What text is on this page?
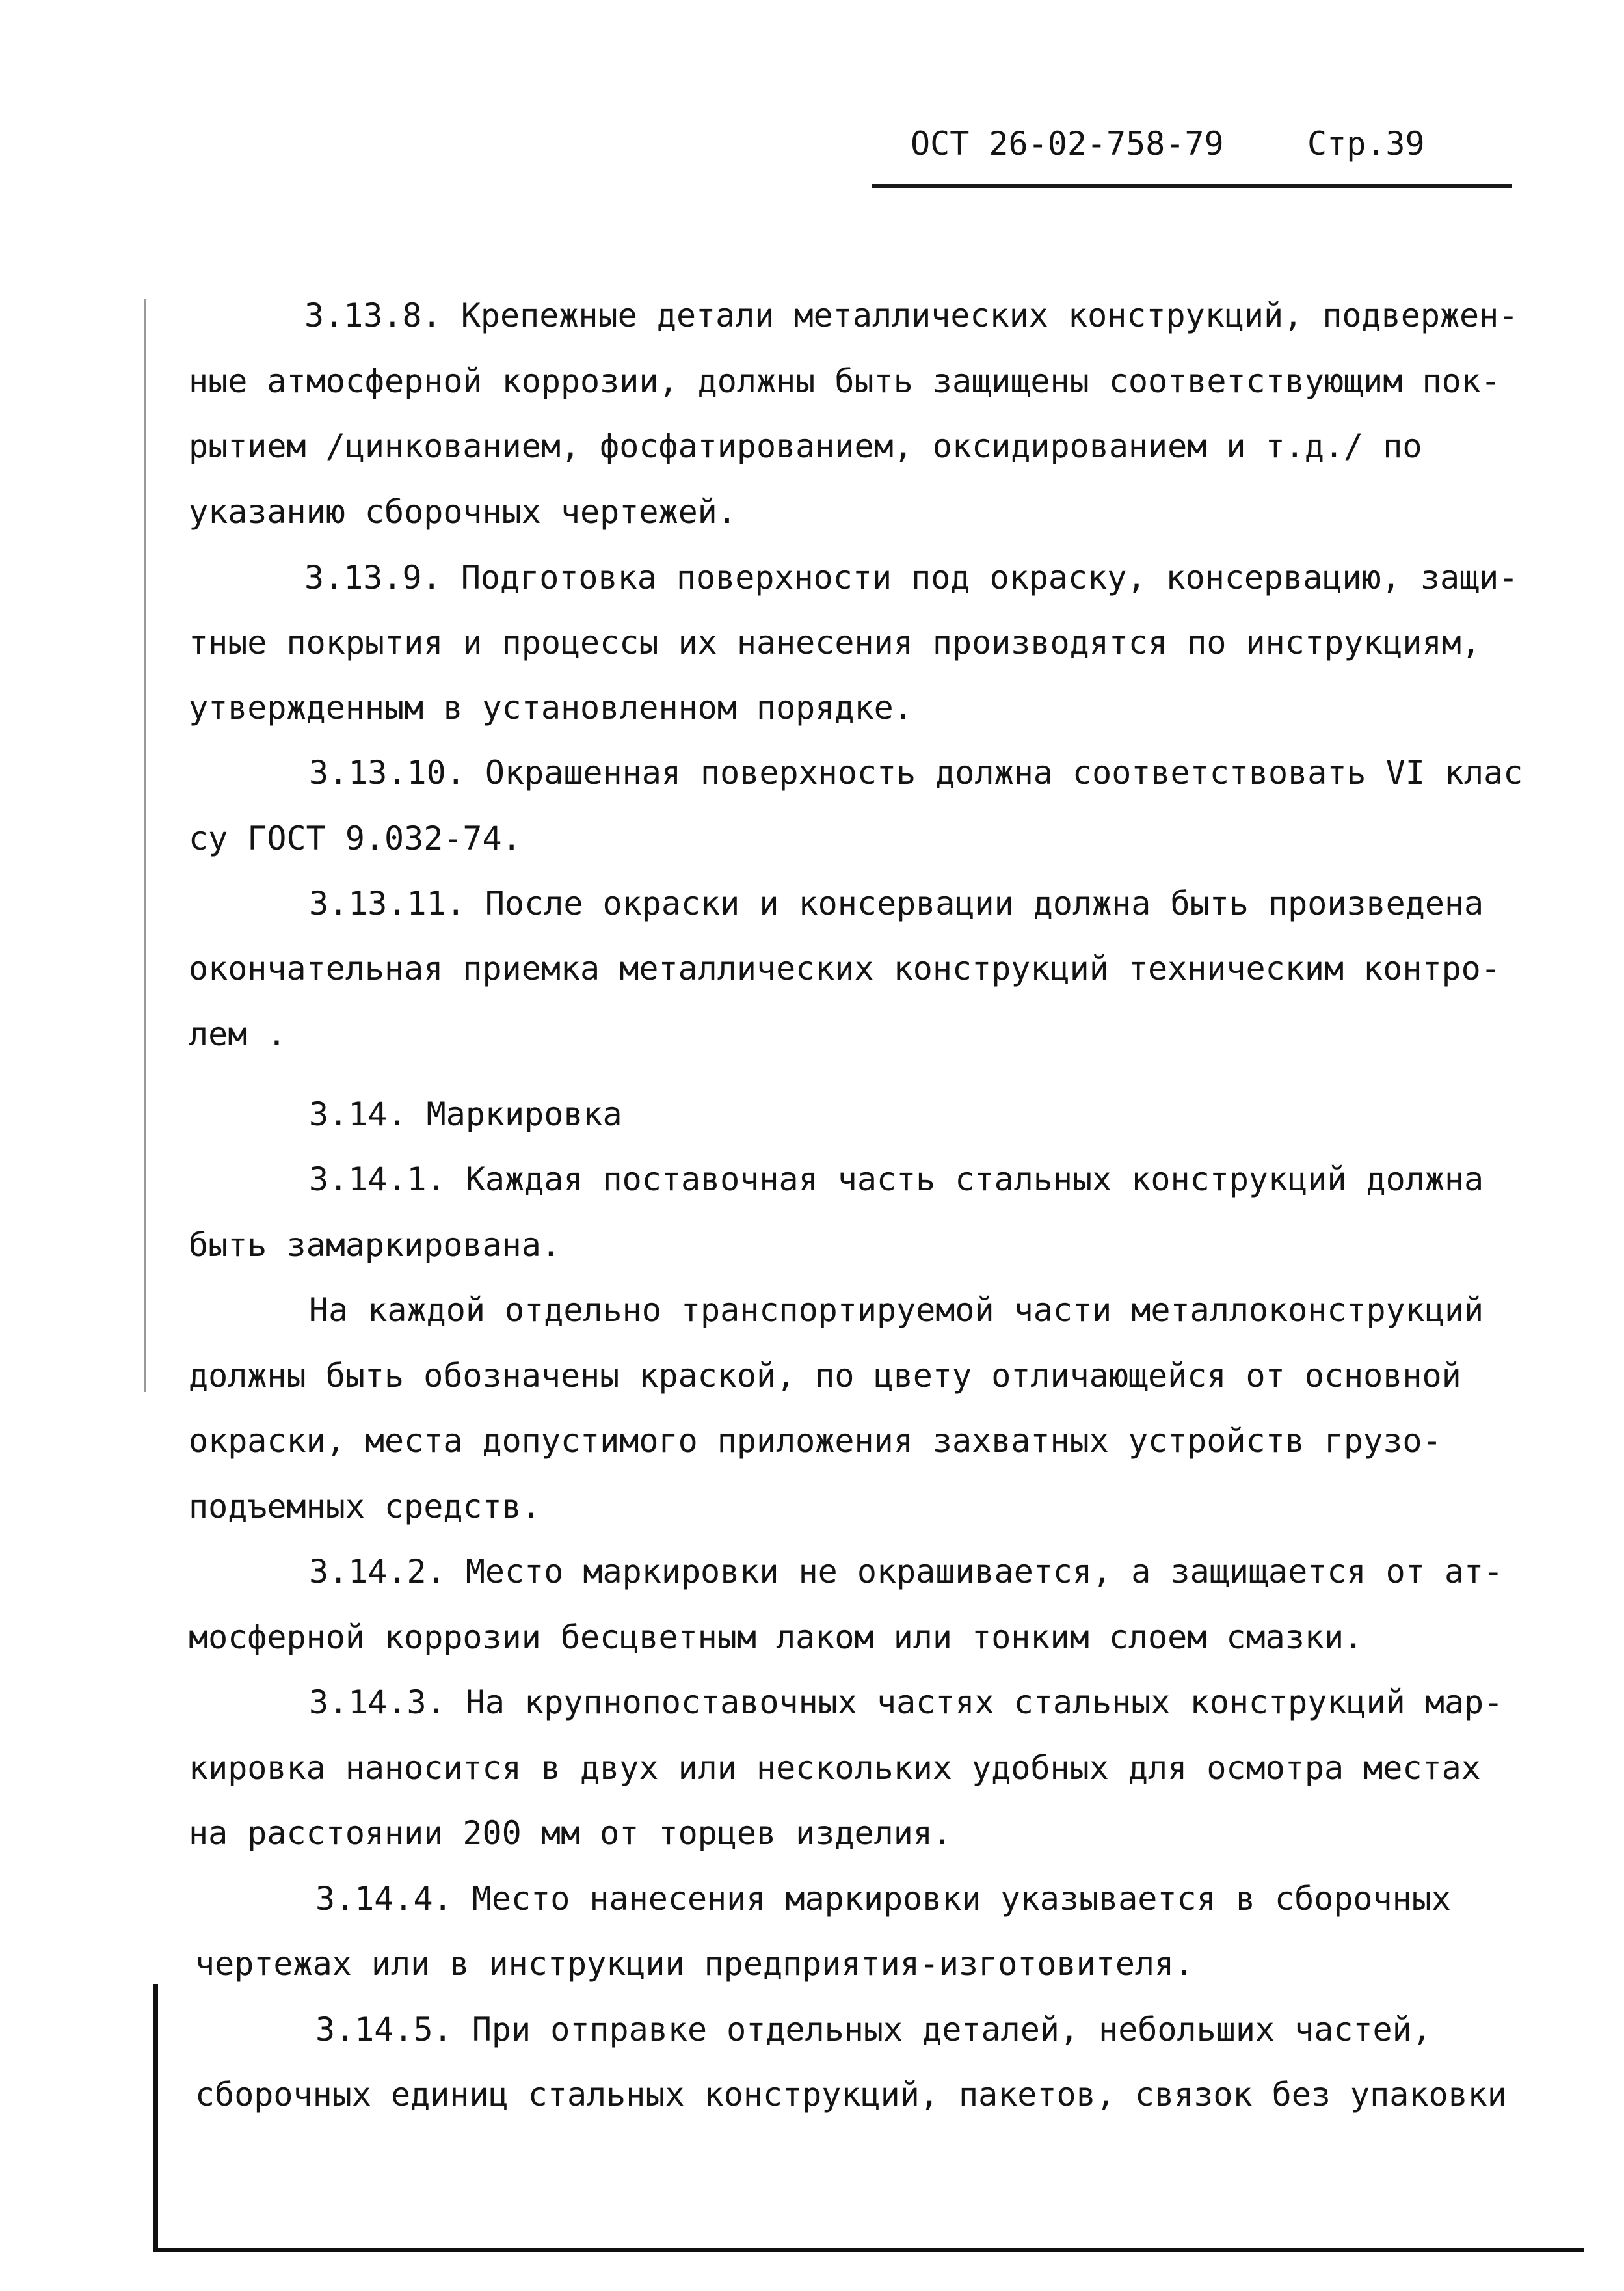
ОСТ 26-02-758-79	Стр.39
3.13.8. Крепежные детали металлических конструкций, подвержен-
ные атмосферной коррозии, должны быть защищены соответствующим пок-
рытием /цинкованием, фосфатированием, оксидированием и т.д./ по
указанию сборочных чертежей.
3.13.9. Подготовка поверхности под окраску, консервацию, защи-
тные покрытия и процессы их нанесения производятся по инструкциям,
утвержденным в установленном порядке.
3.13.10. Окрашенная поверхность должна соответствовать VI клас
су ГОСТ 9.032-74.
3.13.11. После окраски и консервации должна быть произведена
окончательная приемка металлических конструкций техническим контро-
лем .
3.14. Маркировка
3.14.1. Каждая поставочная часть стальных конструкций должна
быть замаркирована.
На каждой отдельно транспортируемой части металлоконструкций
должны быть обозначены краской, по цвету отличающейся от основной
окраски, места допустимого приложения захватных устройств грузо-
подъемных средств.
3.14.2. Место маркировки не окрашивается, а защищается от ат-
мосферной коррозии бесцветным лаком или тонким слоем смазки.
3.14.3. На крупнопоставочных частях стальных конструкций мар-
кировка наносится в двух или нескольких удобных для осмотра местах
на расстоянии 200 мм от торцев изделия.
3.14.4. Место нанесения маркировки указывается в сборочных
чертежах или в инструкции предприятия-изготовителя.
3.14.5. При отправке отдельных деталей, небольших частей,
сборочных единиц стальных конструкций, пакетов, связок без упаковки
